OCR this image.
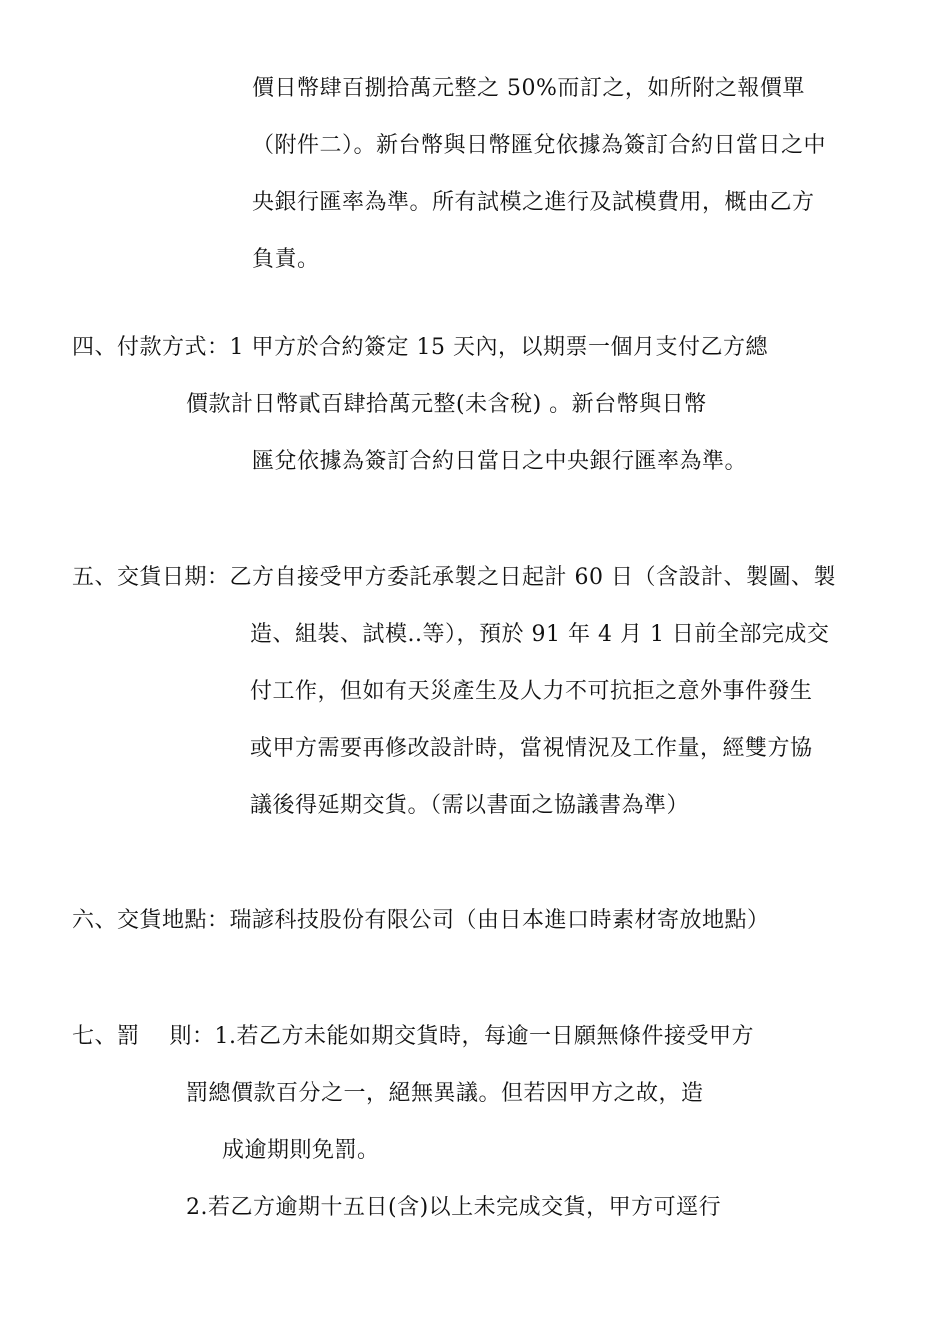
價日幣肆百捌拾萬元整之 50%而訂之，如所附之報價單
（附件二）。新台幣與日幣匯兌依據為簽訂合約日當日之中
央銀行匯率為準。所有試模之進行及試模費用，概由乙方
負責。
四、付款方式：1 甲方於合約簽定 15 天內，以期票一個月支付乙方總
價款計日幣貳百肆拾萬元整(未含稅) 。新台幣與日幣
匯兌依據為簽訂合約日當日之中央銀行匯率為準。
五、交貨日期：乙方自接受甲方委託承製之日起計 60 日（含設計、製圖、製
造、組裝、試模..等），預於 91 年 4 月 1 日前全部完成交
付工作，但如有天災產生及人力不可抗拒之意外事件發生
或甲方需要再修改設計時，當視情況及工作量，經雙方協
議後得延期交貨。（需以書面之協議書為準）
六、交貨地點：瑞諺科技股份有限公司（由日本進口時素材寄放地點）
七、罰　 則：1.若乙方未能如期交貨時，每逾一日願無條件接受甲方
罰總價款百分之一，絕無異議。但若因甲方之故，造
成逾期則免罰。
2.若乙方逾期十五日(含)以上未完成交貨，甲方可逕行
